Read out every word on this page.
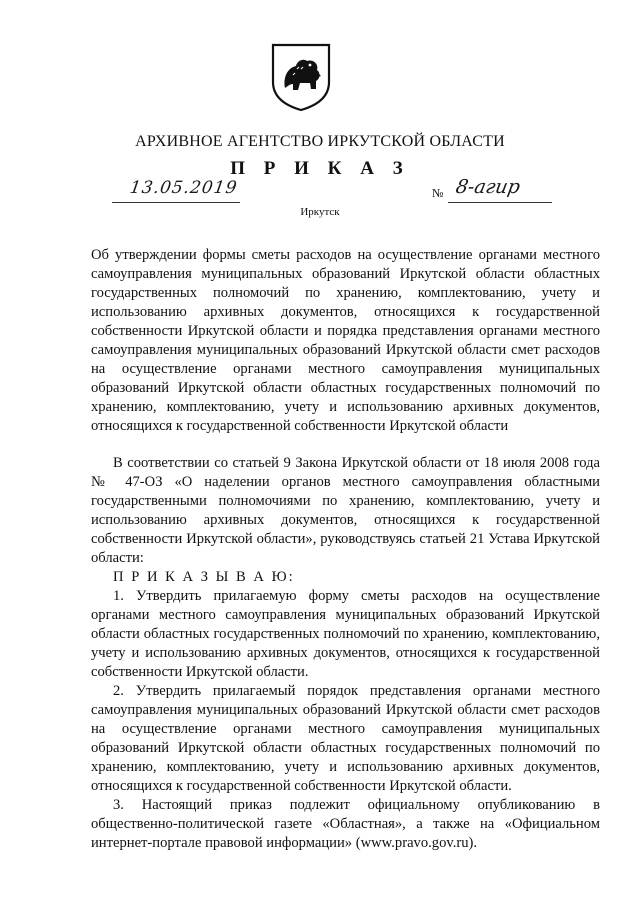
АРХИВНОЕ АГЕНТСТВО ИРКУТСКОЙ ОБЛАСТИ
П Р И К А З
13.05.2019	№ 8-агир
Иркутск

Об утверждении формы сметы расходов на осуществление органами местного самоуправления муниципальных образований Иркутской области областных государственных полномочий по хранению, комплектованию, учету и использованию архивных документов, относящихся к государственной собственности Иркутской области и порядка представления органами местного самоуправления муниципальных образований Иркутской области смет расходов на осуществление органами местного самоуправления муниципальных образований Иркутской области областных государственных полномочий по хранению, комплектованию, учету и использованию архивных документов, относящихся к государственной собственности Иркутской области

В соответствии со статьей 9 Закона Иркутской области от 18 июля 2008 года № 47-ОЗ «О наделении органов местного самоуправления областными государственными полномочиями по хранению, комплектованию, учету и использованию архивных документов, относящихся к государственной собственности Иркутской области», руководствуясь статьей 21 Устава Иркутской области:

П Р И К А З Ы В А Ю:

1. Утвердить прилагаемую форму сметы расходов на осуществление органами местного самоуправления муниципальных образований Иркутской области областных государственных полномочий по хранению, комплектованию, учету и использованию архивных документов, относящихся к государственной собственности Иркутской области.

2. Утвердить прилагаемый порядок представления органами местного самоуправления муниципальных образований Иркутской области смет расходов на осуществление органами местного самоуправления муниципальных образований Иркутской области областных государственных полномочий по хранению, комплектованию, учету и использованию архивных документов, относящихся к государственной собственности Иркутской области.

3. Настоящий приказ подлежит официальному опубликованию в общественно-политической газете «Областная», а также на «Официальном интернет-портале правовой информации» (www.pravo.gov.ru).
